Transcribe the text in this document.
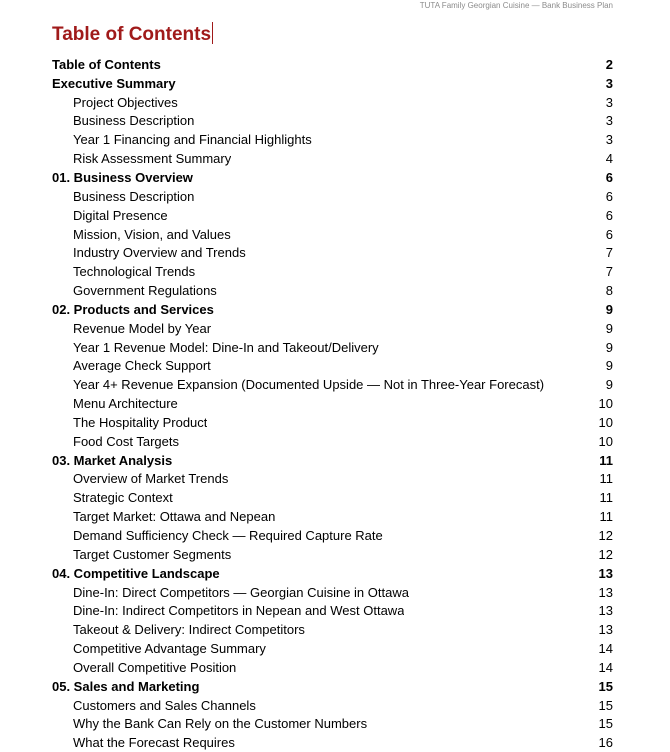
TUTA Family Georgian Cuisine — Bank Business Plan
Table of Contents
Table of Contents	2
Executive Summary	3
Project Objectives	3
Business Description	3
Year 1 Financing and Financial Highlights	3
Risk Assessment Summary	4
01. Business Overview	6
Business Description	6
Digital Presence	6
Mission, Vision, and Values	6
Industry Overview and Trends	7
Technological Trends	7
Government Regulations	8
02. Products and Services	9
Revenue Model by Year	9
Year 1 Revenue Model: Dine-In and Takeout/Delivery	9
Average Check Support	9
Year 4+ Revenue Expansion (Documented Upside — Not in Three-Year Forecast)	9
Menu Architecture	10
The Hospitality Product	10
Food Cost Targets	10
03. Market Analysis	11
Overview of Market Trends	11
Strategic Context	11
Target Market: Ottawa and Nepean	11
Demand Sufficiency Check — Required Capture Rate	12
Target Customer Segments	12
04. Competitive Landscape	13
Dine-In: Direct Competitors — Georgian Cuisine in Ottawa	13
Dine-In: Indirect Competitors in Nepean and West Ottawa	13
Takeout & Delivery: Indirect Competitors	13
Competitive Advantage Summary	14
Overall Competitive Position	14
05. Sales and Marketing	15
Customers and Sales Channels	15
Why the Bank Can Rely on the Customer Numbers	15
What the Forecast Requires	16
